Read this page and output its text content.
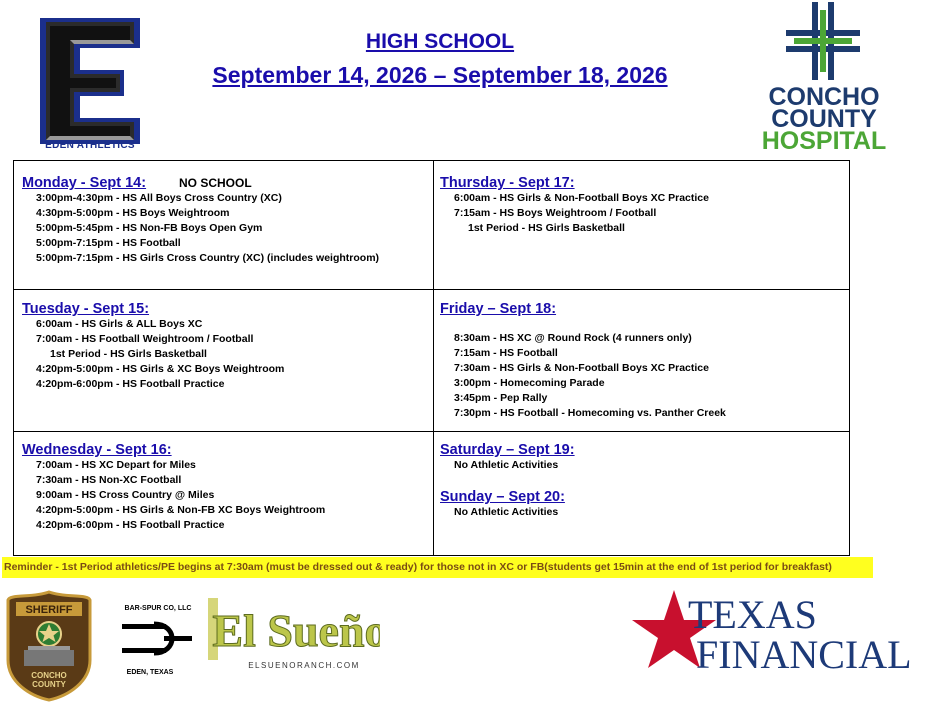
EDEN ATHLETICS
HIGH SCHOOL
September 14, 2026 – September 18, 2026
CONCHO
COUNTY
HOSPITAL
Monday - Sept 14:	NO SCHOOL
3:00pm-4:30pm - HS All Boys Cross Country (XC)
4:30pm-5:00pm - HS Boys Weightroom
5:00pm-5:45pm - HS Non-FB Boys Open Gym
5:00pm-7:15pm - HS Football
5:00pm-7:15pm - HS Girls Cross Country (XC) (includes weightroom)
Thursday - Sept 17:
6:00am - HS Girls & Non-Football Boys XC Practice
7:15am - HS Boys Weightroom / Football
1st Period - HS Girls Basketball
Tuesday - Sept 15:
6:00am - HS Girls & ALL Boys XC
7:00am - HS Football Weightroom / Football
1st Period - HS Girls Basketball
4:20pm-5:00pm - HS Girls & XC Boys Weightroom
4:20pm-6:00pm - HS Football Practice
Friday – Sept 18:
8:30am - HS XC @ Round Rock (4 runners only)
7:15am - HS Football
7:30am - HS Girls & Non-Football Boys XC Practice
3:00pm - Homecoming Parade
3:45pm - Pep Rally
7:30pm - HS Football - Homecoming vs. Panther Creek
Wednesday - Sept 16:
7:00am - HS XC Depart for Miles
7:30am - HS Non-XC Football
9:00am - HS Cross Country @ Miles
4:20pm-5:00pm - HS Girls & Non-FB XC Boys Weightroom
4:20pm-6:00pm - HS Football Practice
Saturday – Sept 19:
No Athletic Activities
Sunday – Sept 20:
No Athletic Activities
Reminder - 1st Period athletics/PE begins at 7:30am (must be dressed out & ready) for those not in XC or FB(students get 15min at the end of 1st period for breakfast)
SHERIFF
CONCHO
COUNTY
BAR-SPUR CO, LLC
EDEN, TEXAS
El Sueño
ELSUENORANCH.COM
TEXAS
FINANCIAL
